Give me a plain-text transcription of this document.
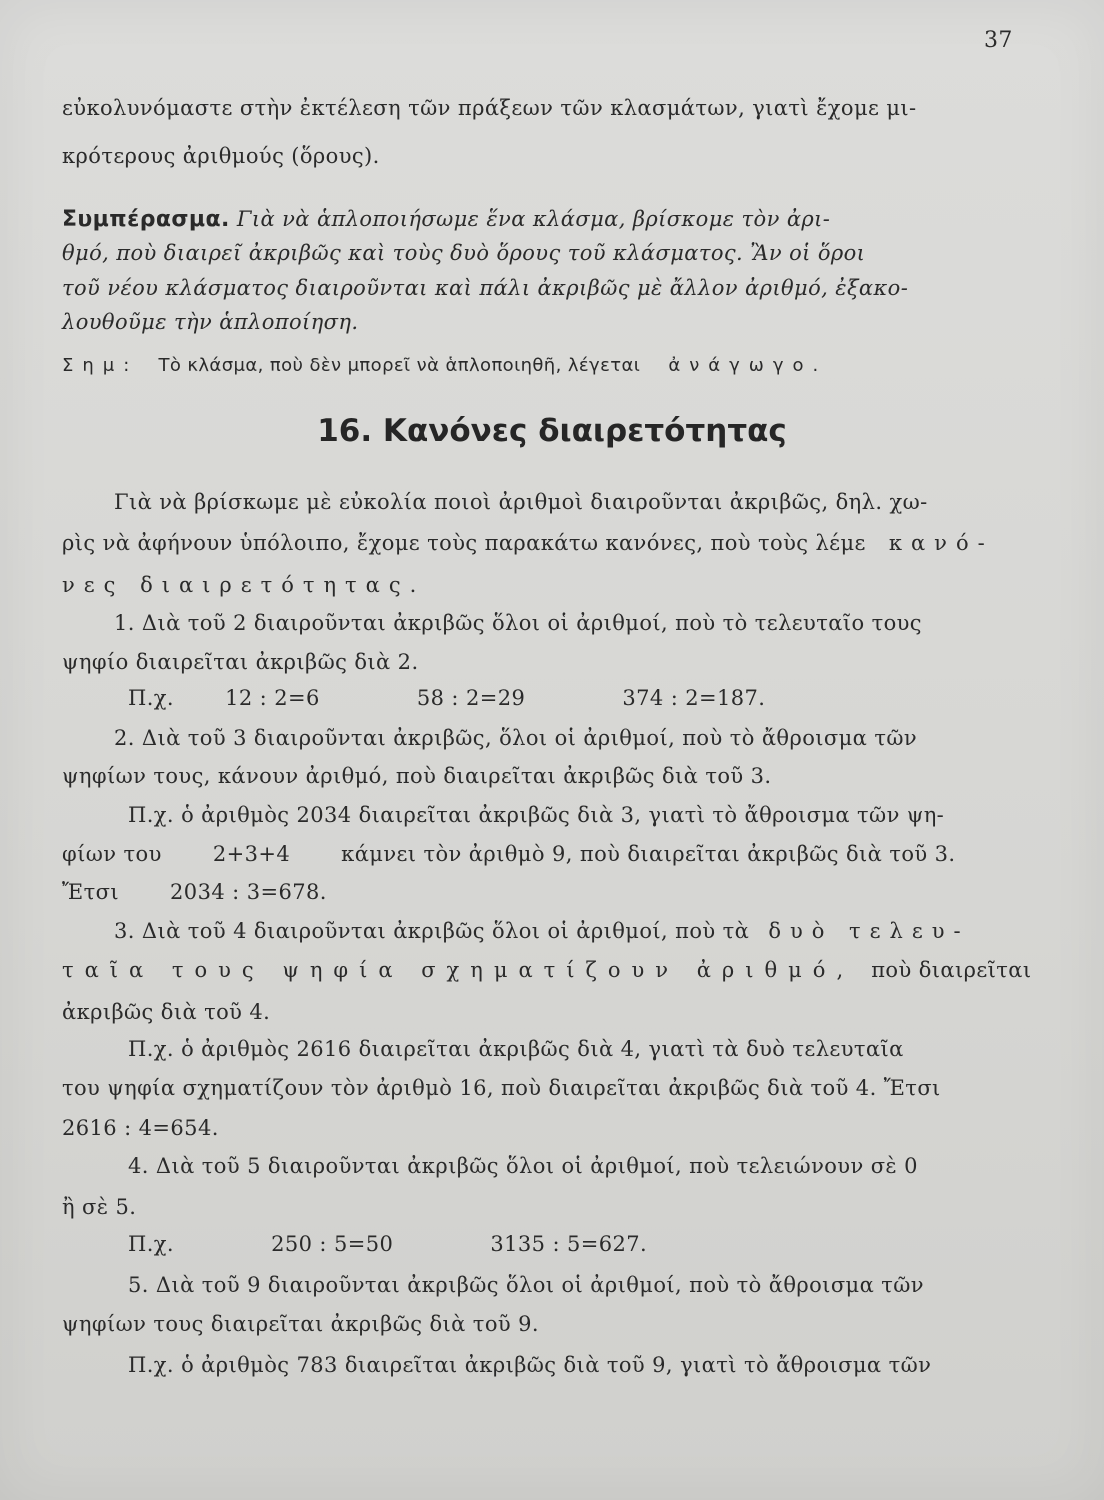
37
εὐκολυνόμαστε στὴν ἐκτέλεση τῶν πράξεων τῶν κλασμάτων, γιατὶ ἔχομε μι-
κρότερους ἀριθμούς (ὅρους).
Συμπέρασμα. Γιὰ νὰ ἁπλοποιήσωμε ἕνα κλάσμα, βρίσκομε τὸν ἀρι-
θμό, ποὺ διαιρεῖ ἀκριβῶς καὶ τοὺς δυὸ ὅρους τοῦ κλάσματος. Ἂν οἱ ὅροι
τοῦ νέου κλάσματος διαιροῦνται καὶ πάλι ἀκριβῶς μὲ ἄλλον ἀριθμό, ἐξακο-
λουθοῦμε τὴν ἁπλοποίηση.
Σημ: Τὸ κλάσμα, ποὺ δὲν μπορεῖ νὰ ἁπλοποιηθῆ, λέγεται ἀνάγωγο.
16. Κανόνες διαιρετότητας
Γιὰ νὰ βρίσκωμε μὲ εὐκολία ποιοὶ ἀριθμοὶ διαιροῦνται ἀκριβῶς, δηλ. χω-
ρὶς νὰ ἀφήνουν ὑπόλοιπο, ἔχομε τοὺς παρακάτω κανόνες, ποὺ τοὺς λέμε κανό-
νες διαιρετότητας.
1. Διὰ τοῦ 2 διαιροῦνται ἀκριβῶς ὅλοι οἱ ἀριθμοί, ποὺ τὸ τελευταῖο τους
ψηφίο διαιρεῖται ἀκριβῶς διὰ 2.
Π.χ. 12 : 2=6	58 : 2=29	374 : 2=187.
2. Διὰ τοῦ 3 διαιροῦνται ἀκριβῶς, ὅλοι οἱ ἀριθμοί, ποὺ τὸ ἄθροισμα τῶν
ψηφίων τους, κάνουν ἀριθμό, ποὺ διαιρεῖται ἀκριβῶς διὰ τοῦ 3.
Π.χ. ὁ ἀριθμὸς 2034 διαιρεῖται ἀκριβῶς διὰ 3, γιατὶ τὸ ἄθροισμα τῶν ψη-
φίων του 2+3+4 κάμνει τὸν ἀριθμὸ 9, ποὺ διαιρεῖται ἀκριβῶς διὰ τοῦ 3.
Ἔτσι 2034 : 3=678.
3. Διὰ τοῦ 4 διαιροῦνται ἀκριβῶς ὅλοι οἱ ἀριθμοί, ποὺ τὰ δυὸ τελευ-
ταῖα τους ψηφία σχηματίζουν ἀριθμό, ποὺ διαιρεῖται
ἀκριβῶς διὰ τοῦ 4.
Π.χ. ὁ ἀριθμὸς 2616 διαιρεῖται ἀκριβῶς διὰ 4, γιατὶ τὰ δυὸ τελευταῖα
του ψηφία σχηματίζουν τὸν ἀριθμὸ 16, ποὺ διαιρεῖται ἀκριβῶς διὰ τοῦ 4. Ἔτσι
2616 : 4=654.
4. Διὰ τοῦ 5 διαιροῦνται ἀκριβῶς ὅλοι οἱ ἀριθμοί, ποὺ τελειώνουν σὲ 0
ἢ σὲ 5.
Π.χ.	250 : 5=50	3135 : 5=627.
5. Διὰ τοῦ 9 διαιροῦνται ἀκριβῶς ὅλοι οἱ ἀριθμοί, ποὺ τὸ ἄθροισμα τῶν
ψηφίων τους διαιρεῖται ἀκριβῶς διὰ τοῦ 9.
Π.χ. ὁ ἀριθμὸς 783 διαιρεῖται ἀκριβῶς διὰ τοῦ 9, γιατὶ τὸ ἄθροισμα τῶν
